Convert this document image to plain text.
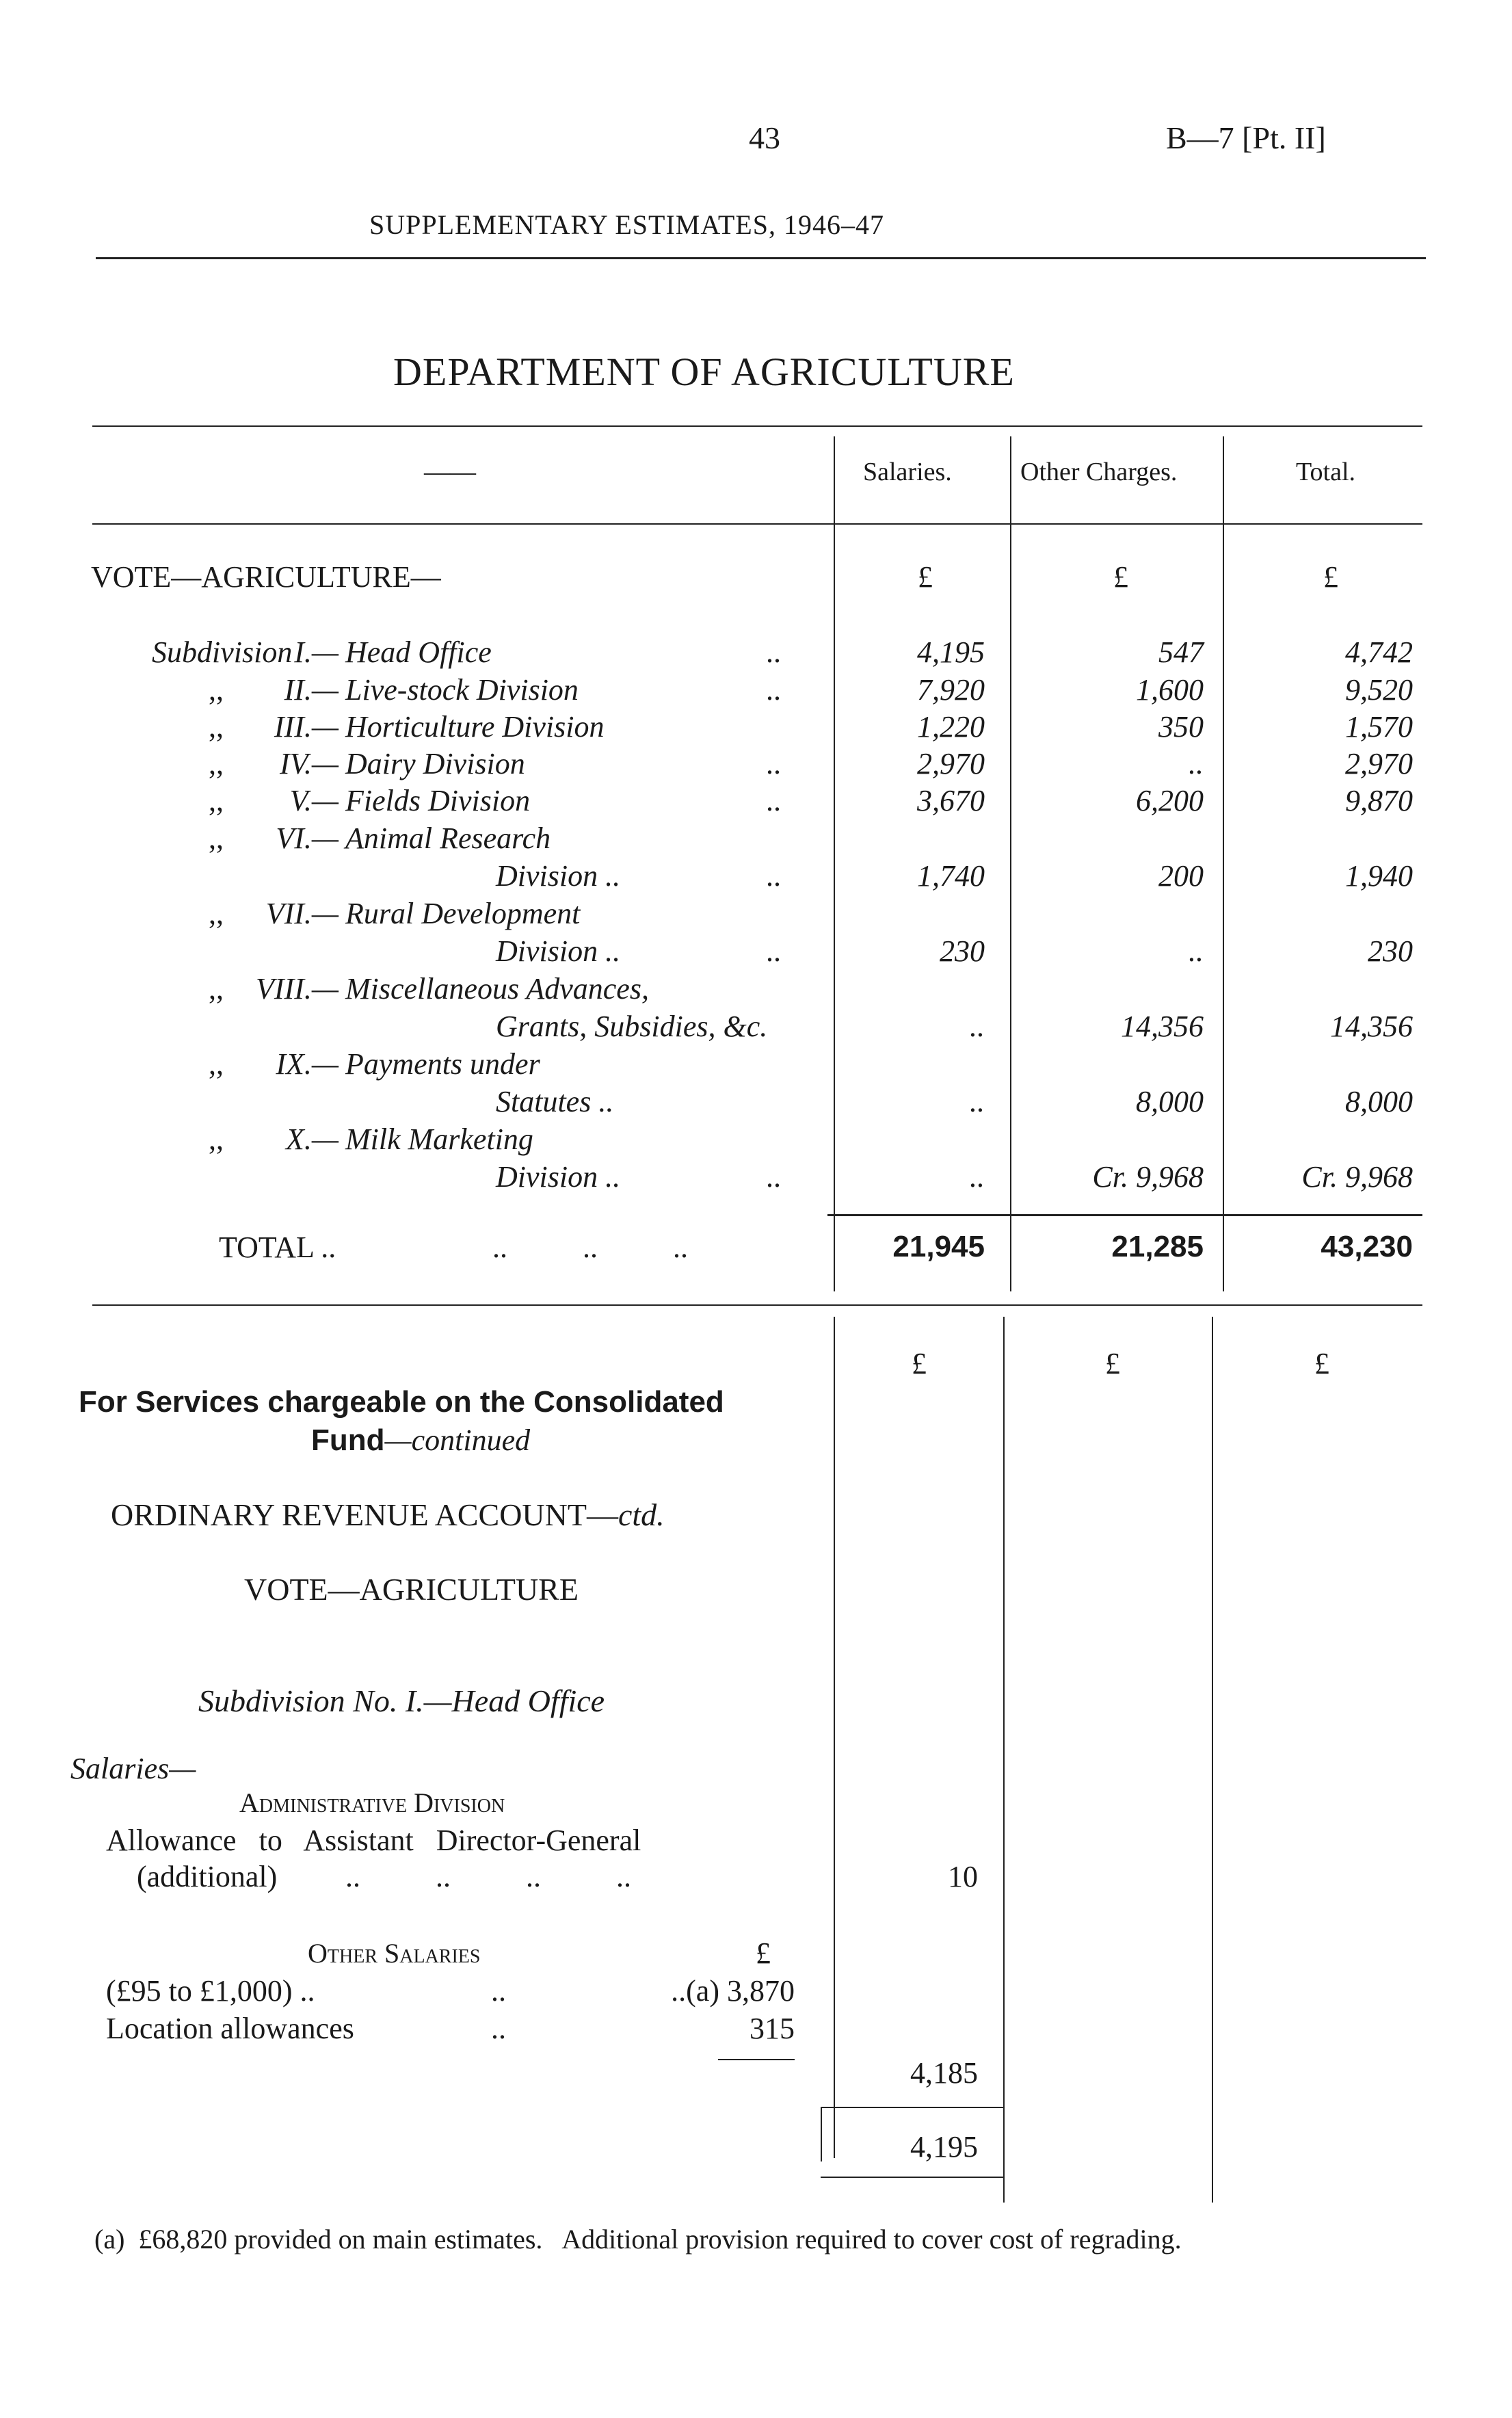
43	B—7 [Pt. II]
SUPPLEMENTARY ESTIMATES, 1946–47
DEPARTMENT OF AGRICULTURE
——	Salaries.	Other Charges.	Total.
VOTE—AGRICULTURE—	£	£	£
Subdivision I.— Head Office	..	4,195	547	4,742
,,	II.— Live-stock Division	..	7,920	1,600	9,520
,,	III.— Horticulture Division	1,220	350	1,570
,,	IV.— Dairy Division	..	2,970	..	2,970
,,	V.— Fields Division	..	3,670	6,200	9,870
,,	VI.— Animal Research
Division ..	..	1,740	200	1,940
,,	VII.— Rural Development
Division ..	..	230	..	230
,,	VIII.— Miscellaneous Advances,
Grants, Subsidies, &c.	..	14,356	14,356
,,	IX.— Payments under
Statutes ..	..	8,000	8,000
,,	X.— Milk Marketing
Division ..	..	..	Cr. 9,968	Cr. 9,968
TOTAL ..	..          ..          ..	21,945	21,285	43,230
£	£	£
For Services chargeable on the Consolidated
Fund—continued
ORDINARY REVENUE ACCOUNT—ctd.
VOTE—AGRICULTURE
Subdivision No. I.—Head Office
Salaries—
Administrative Division
Allowance   to   Assistant   Director-General
(additional) ..          ..          ..          ..	10
Other Salaries	£
(£95 to £1,000) ..	..	..(a) 3,870
Location allowances	..	315
4,185
4,195
(a)  £68,820 provided on main estimates.   Additional provision required to cover cost of regrading.
